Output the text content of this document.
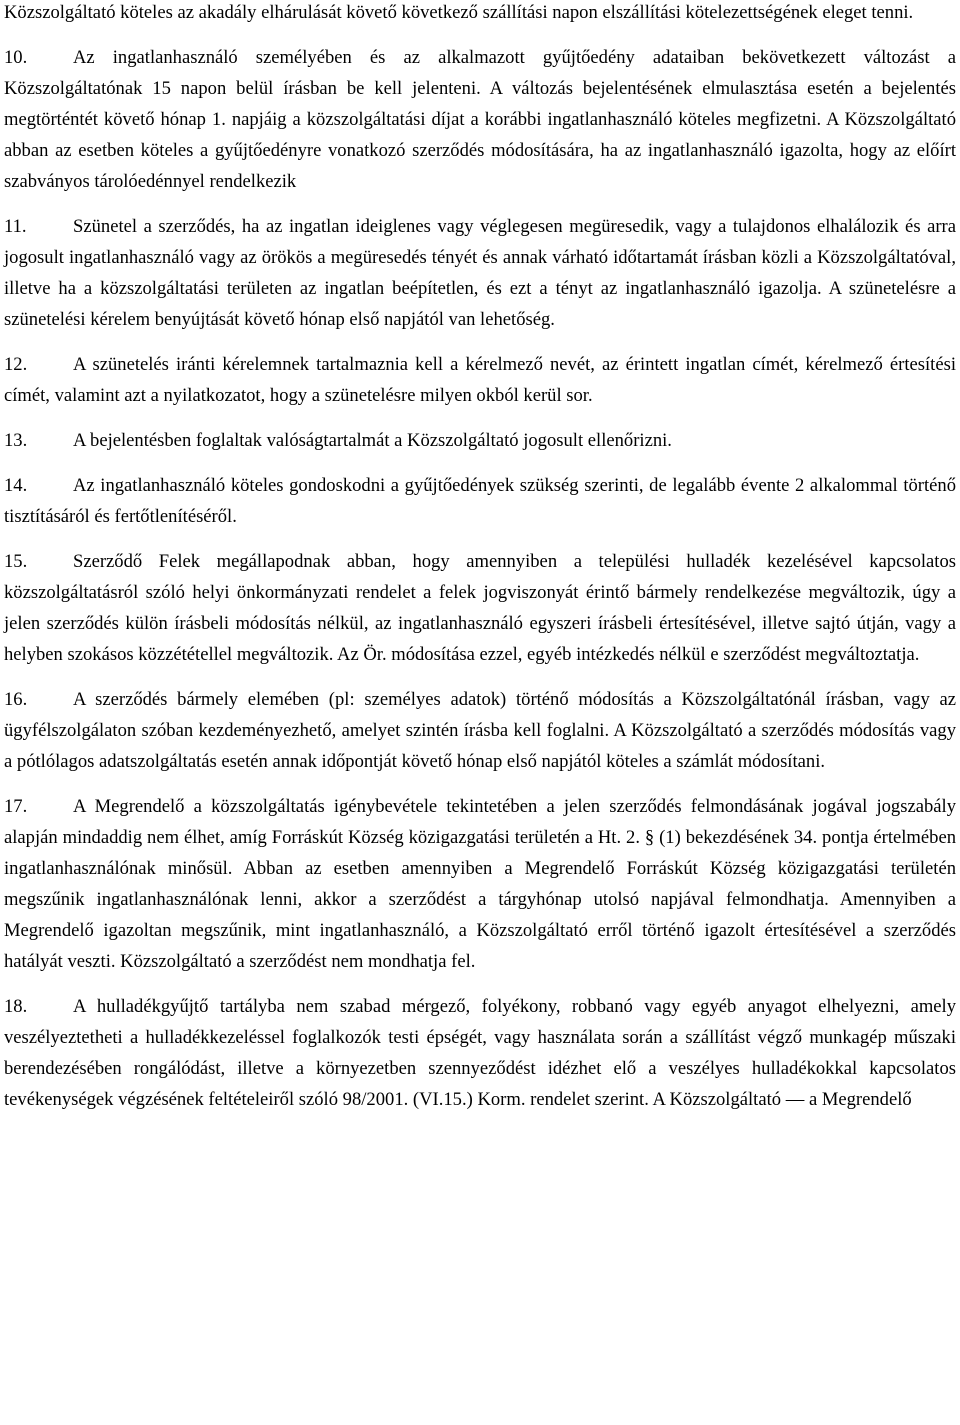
Közszolgáltató köteles az akadály elhárulását követő következő szállítási napon elszállítási kötelezettségének eleget tenni.

10. Az ingatlanhasználó személyében és az alkalmazott gyűjtőedény adataiban bekövetkezett változást a Közszolgáltatónak 15 napon belül írásban be kell jelenteni. A változás bejelentésének elmulasztása esetén a bejelentés megtörténtét követő hónap 1. napjáig a közszolgáltatási díjat a korábbi ingatlanhasználó köteles megfizetni. A Közszolgáltató abban az esetben köteles a gyűjtőedényre vonatkozó szerződés módosítására, ha az ingatlanhasználó igazolta, hogy az előírt szabványos tárolóedénnyel rendelkezik

11. Szünetel a szerződés, ha az ingatlan ideiglenes vagy véglegesen megüresedik, vagy a tulajdonos elhalálozik és arra jogosult ingatlanhasználó vagy az örökös a megüresedés tényét és annak várható időtartamát írásban közli a Közszolgáltatóval, illetve ha a közszolgáltatási területen az ingatlan beépítetlen, és ezt a tényt az ingatlanhasználó igazolja. A szünetelésre a szünetelési kérelem benyújtását követő hónap első napjától van lehetőség.

12. A szünetelés iránti kérelemnek tartalmaznia kell a kérelmező nevét, az érintett ingatlan címét, kérelmező értesítési címét, valamint azt a nyilatkozatot, hogy a szünetelésre milyen okból kerül sor.

13. A bejelentésben foglaltak valóságtartalmát a Közszolgáltató jogosult ellenőrizni.

14. Az ingatlanhasználó köteles gondoskodni a gyűjtőedények szükség szerinti, de legalább évente 2 alkalommal történő tisztításáról és fertőtlenítéséről.

15. Szerződő Felek megállapodnak abban, hogy amennyiben a települési hulladék kezelésével kapcsolatos közszolgáltatásról szóló helyi önkormányzati rendelet a felek jogviszonyát érintő bármely rendelkezése megváltozik, úgy a jelen szerződés külön írásbeli módosítás nélkül, az ingatlanhasználó egyszeri írásbeli értesítésével, illetve sajtó útján, vagy a helyben szokásos közzététellel megváltozik. Az Ör. módosítása ezzel, egyéb intézkedés nélkül e szerződést megváltoztatja.

16. A szerződés bármely elemében (pl: személyes adatok) történő módosítás a Közszolgáltatónál írásban, vagy az ügyfélszolgálaton szóban kezdeményezhető, amelyet szintén írásba kell foglalni. A Közszolgáltató a szerződés módosítás vagy a pótlólagos adatszolgáltatás esetén annak időpontját követő hónap első napjától köteles a számlát módosítani.

17. A Megrendelő a közszolgáltatás igénybevétele tekintetében a jelen szerződés felmondásának jogával jogszabály alapján mindaddig nem élhet, amíg Forráskút Község közigazgatási területén a Ht. 2. § (1) bekezdésének 34. pontja értelmében ingatlanhasználónak minősül. Abban az esetben amennyiben a Megrendelő Forráskút Község közigazgatási területén megszűnik ingatlanhasználónak lenni, akkor a szerződést a tárgyhónap utolsó napjával felmondhatja. Amennyiben a Megrendelő igazoltan megszűnik, mint ingatlanhasználó, a Közszolgáltató erről történő igazolt értesítésével a szerződés hatályát veszti. Közszolgáltató a szerződést nem mondhatja fel.

18. A hulladékgyűjtő tartályba nem szabad mérgező, folyékony, robbanó vagy egyéb anyagot elhelyezni, amely veszélyeztetheti a hulladékkezeléssel foglalkozók testi épségét, vagy használata során a szállítást végző munkagép műszaki berendezésében rongálódást, illetve a környezetben szennyeződést idézhet elő a veszélyes hulladékokkal kapcsolatos tevékenységek végzésének feltételeiről szóló 98/2001. (VI.15.) Korm. rendelet szerint. A Közszolgáltató ― a Megrendelő
